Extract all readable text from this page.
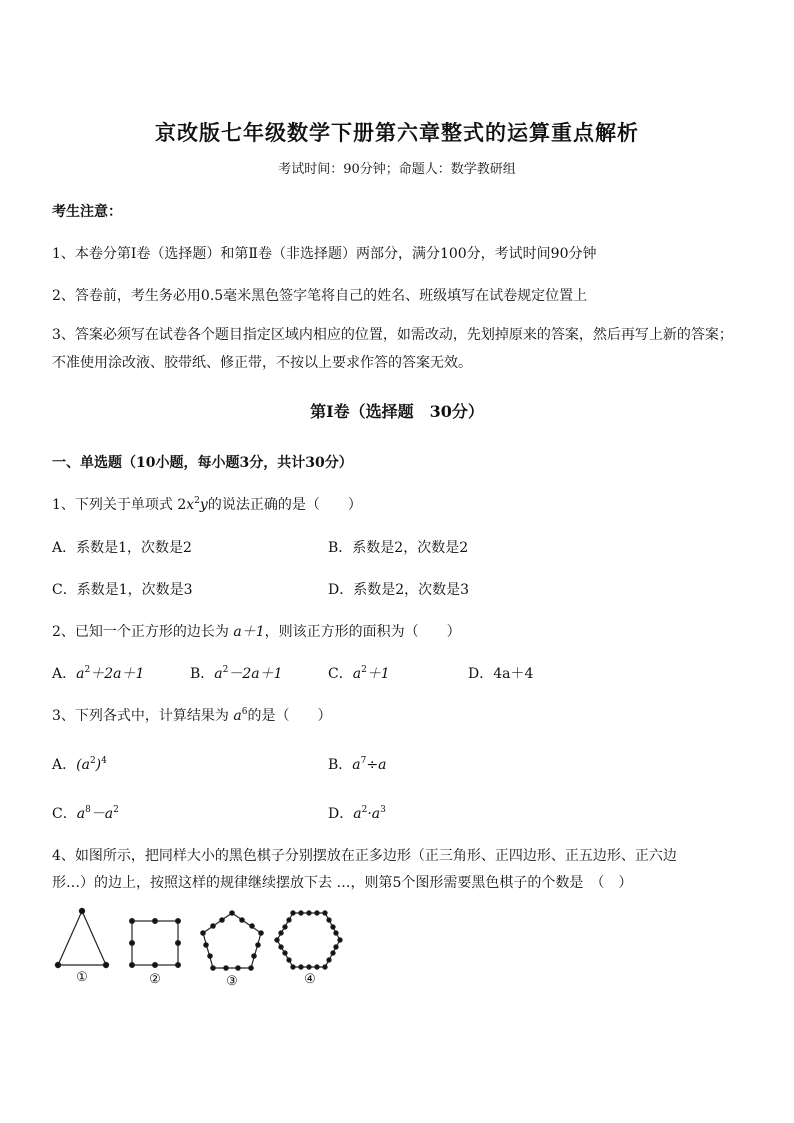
京改版七年级数学下册第六章整式的运算重点解析
考试时间：90分钟；命题人：数学教研组
考生注意：
1、本卷分第Ⅰ卷（选择题）和第Ⅱ卷（非选择题）两部分，满分100分，考试时间90分钟
2、答卷前，考生务必用0.5毫米黑色签字笔将自己的姓名、班级填写在试卷规定位置上
3、答案必须写在试卷各个题目指定区域内相应的位置，如需改动，先划掉原来的答案，然后再写上新的答案；不准使用涂改液、胶带纸、修正带，不按以上要求作答的答案无效。
第Ⅰ卷（选择题　30分）
一、单选题（10小题，每小题3分，共计30分）
1、下列关于单项式 $2x^2y$的说法正确的是（　　）
A．系数是1，次数是2	B．系数是2，次数是2
C．系数是1，次数是3	D．系数是2，次数是3
2、已知一个正方形的边长为 a＋1，则该正方形的面积为（　　）
A．$a^2+2a+1$	B．$a^2-2a+1$	C．$a^2+1$	D．4a＋4
3、下列各式中，计算结果为 $a^6$的是（　　）
A．$(a^2)^4$	B．$a^7\div a$
C．$a^8-a^2$	D．$a^2\cdot a^3$
4、如图所示，把同样大小的黑色棋子分别摆放在正多边形（正三角形、正四边形、正五边形、正六边
形…）的边上，按照这样的规律继续摆放下去 …，则第5个图形需要黑色棋子的个数是　（　）
①	②	③	④
